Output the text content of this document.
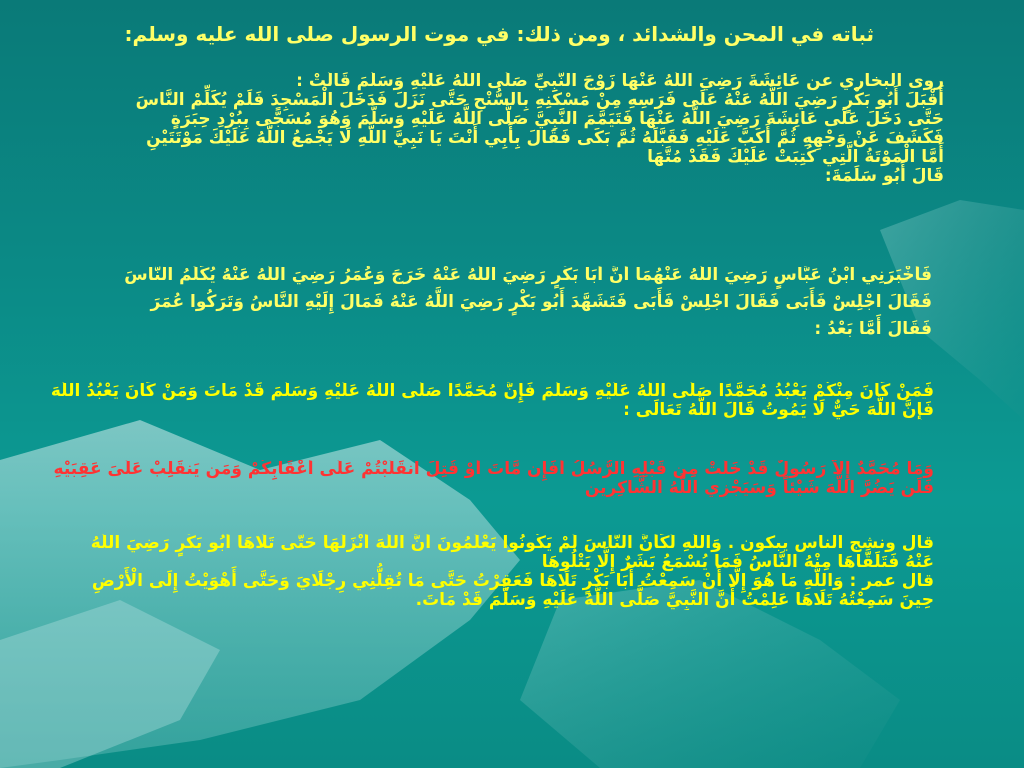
ثباته في المحن والشدائد ، ومن ذلك: في موت الرسول صلى الله عليه وسلم:
روى البخاري عن عَائِشَةَ رَضِيَ اللَّهُ عَنْهَا زَوْجَ النَّبِيِّ صَلَّى اللَّهُ عَلَيْهِ وَسَلَّمَ قَالَتْ :
أَقْبَلَ أَبُو بَكْرٍ رَضِيَ اللَّهُ عَنْهُ عَلَى فَرَسِهِ مِنْ مَسْكَنِهِ بِالسُّنْحِ حَتَّى نَزَلَ فَدَخَلَ الْمَسْجِدَ فَلَمْ يُكَلِّمْ النَّاسَ
حَتَّى دَخَلَ عَلَى عَائِشَةَ رَضِيَ اللَّهُ عَنْهَا فَتَيَمَّمَ النَّبِيَّ صَلَّى اللَّهُ عَلَيْهِ وَسَلَّمَ وَهُوَ مُسَجًّى بِبُرْدِ حِبَرَةٍ
فَكَشَفَ عَنْ وَجْهِهِ ثُمَّ أَكَبَّ عَلَيْهِ فَقَبَّلَهُ ثُمَّ بَكَى فَقَالَ بِأَبِي أَنْتَ يَا نَبِيَّ اللَّهِ لَا يَجْمَعُ اللَّهُ عَلَيْكَ مَوْتَتَيْنِ
أَمَّا الْمَوْتَةُ الَّتِي كُتِبَتْ عَلَيْكَ فَقَدْ مُتَّهَا
قَالَ أَبُو سَلَمَةَ:
فَأَخْبَرَنِي ابْنُ عَبَّاسٍ رَضِيَ اللَّهُ عَنْهُمَا أَنَّ أَبَا بَكْرٍ رَضِيَ اللَّهُ عَنْهُ خَرَجَ وَعُمَرُ رَضِيَ اللَّهُ عَنْهُ يُكَلِّمُ النَّاسَ
فَقَالَ اجْلِسْ فَأَبَى فَقَالَ اجْلِسْ فَأَبَى فَتَشَهَّدَ أَبُو بَكْرٍ رَضِيَ اللَّهُ عَنْهُ فَمَالَ إِلَيْهِ النَّاسُ وَتَرَكُوا عُمَرَ
فَقَالَ أَمَّا بَعْدُ :
فَمَنْ كَانَ مِنْكُمْ يَعْبُدُ مُحَمَّدًا صَلَّى اللَّهُ عَلَيْهِ وَسَلَّمَ فَإِنَّ مُحَمَّدًا صَلَّى اللَّهُ عَلَيْهِ وَسَلَّمَ قَدْ مَاتَ وَمَنْ كَانَ يَعْبُدُ اللَّهَ
فَإِنَّ اللَّهَ حَيٌّ لَا يَمُوتُ قَالَ اللَّهُ تَعَالَى :
وَمَا مُحَمَّدٌ إِلاَّ رَسُولٌ قَدْ خَلَتْ مِن قَبْلِهِ الرُّسُلُ أَفَإِن مَّاتَ أَوْ قُتِلَ انقَلَبْتُمْ عَلَى أَعْقَابِكُمْ وَمَن يَنقَلِبْ عَلَىَ عَقِبَيْهِ
فَلَن يَضُرَّ اللَّهَ شَيْئاً وَسَيَجْزِي اللَّهُ الشَّاكِرِين
قال ونشج الناس يبكون . وَاللَّهِ لَكَأَنَّ النَّاسَ لَمْ يَكُونُوا يَعْلَمُونَ أَنَّ اللَّهَ أَنْزَلَهَا حَتَّى تَلَاهَا أَبُو بَكْرٍ رَضِيَ اللَّهُ
عَنْهُ فَتَلَقَّاهَا مِنْهُ النَّاسُ فَمَا يُسْمَعُ بَشَرٌ إِلَّا يَتْلُوهَا
قال عمر : وَاللَّهِ مَا هُوَ إِلَّا أَنْ سَمِعْتُ أَبَا بَكْرٍ تَلَاهَا فَعَقِرْتُ حَتَّى مَا تُقِلُّنِي رِجْلَايَ وَحَتَّى أَهْوَيْتُ إِلَى الْأَرْضِ
حِينَ سَمِعْتُهُ تَلَاهَا عَلِمْتُ أَنَّ النَّبِيَّ صَلَّى اللَّهُ عَلَيْهِ وَسَلَّمَ قَدْ مَاتَ.
